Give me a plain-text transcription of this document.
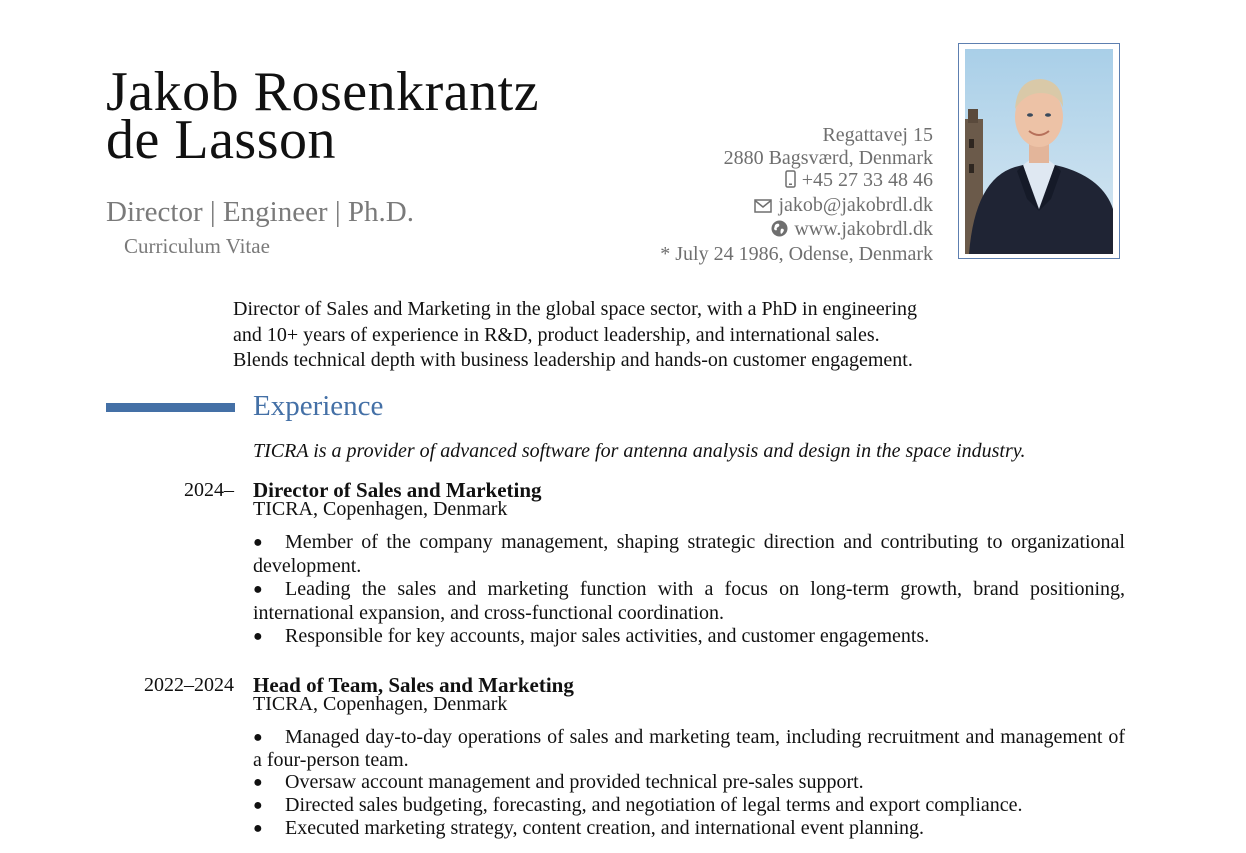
Jakob Rosenkrantz
de Lasson
Director | Engineer | Ph.D.
Curriculum Vitae
Regattavej 15
2880 Bagsværd, Denmark
+45 27 33 48 46
jakob@jakobrdl.dk
www.jakobrdl.dk
* July 24 1986, Odense, Denmark
Director of Sales and Marketing in the global space sector, with a PhD in engineering
and 10+ years of experience in R&D, product leadership, and international sales.
Blends technical depth with business leadership and hands-on customer engagement.
Experience
TICRA is a provider of advanced software for antenna analysis and design in the space industry.
2024– Director of Sales and Marketing
TICRA, Copenhagen, Denmark
● Member of the company management, shaping strategic direction and contributing to organizational development.
● Leading the sales and marketing function with a focus on long-term growth, brand positioning, international expansion, and cross-functional coordination.
● Responsible for key accounts, major sales activities, and customer engagements.
2022–2024 Head of Team, Sales and Marketing
TICRA, Copenhagen, Denmark
● Managed day-to-day operations of sales and marketing team, including recruitment and management of a four-person team.
● Oversaw account management and provided technical pre-sales support.
● Directed sales budgeting, forecasting, and negotiation of legal terms and export compliance.
● Executed marketing strategy, content creation, and international event planning.
